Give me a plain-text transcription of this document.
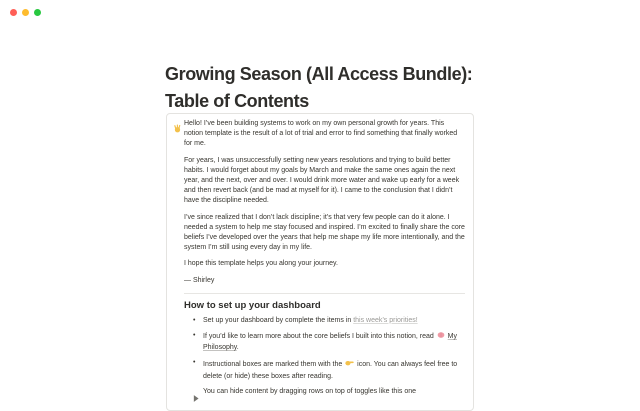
Growing Season (All Access Bundle):
Table of Contents

Hello! I’ve been building systems to work on my own personal growth for years. This notion template is the result of a lot of trial and error to find something that finally worked for me.

For years, I was unsuccessfully setting new years resolutions and trying to build better habits. I would forget about my goals by March and make the same ones again the next year, and the next, over and over. I would drink more water and wake up early for a week and then revert back (and be mad at myself for it). I came to the conclusion that I didn’t have the discipline needed.

I’ve since realized that I don’t lack discipline; it’s that very few people can do it alone. I needed a system to help me stay focused and inspired. I’m excited to finally share the core beliefs I’ve developed over the years that help me shape my life more intentionally, and the system I’m still using every day in my life.

I hope this template helps you along your journey.

— Shirley

How to set up your dashboard
•	Set up your dashboard by complete the items in this week’s priorities!
•	If you’d like to learn more about the core beliefs I built into this notion, read  My Philosophy.
•	Instructional boxes are marked them with the  icon. You can always feel free to delete (or hide) these boxes after reading.
You can hide content by dragging rows on top of toggles like this one
